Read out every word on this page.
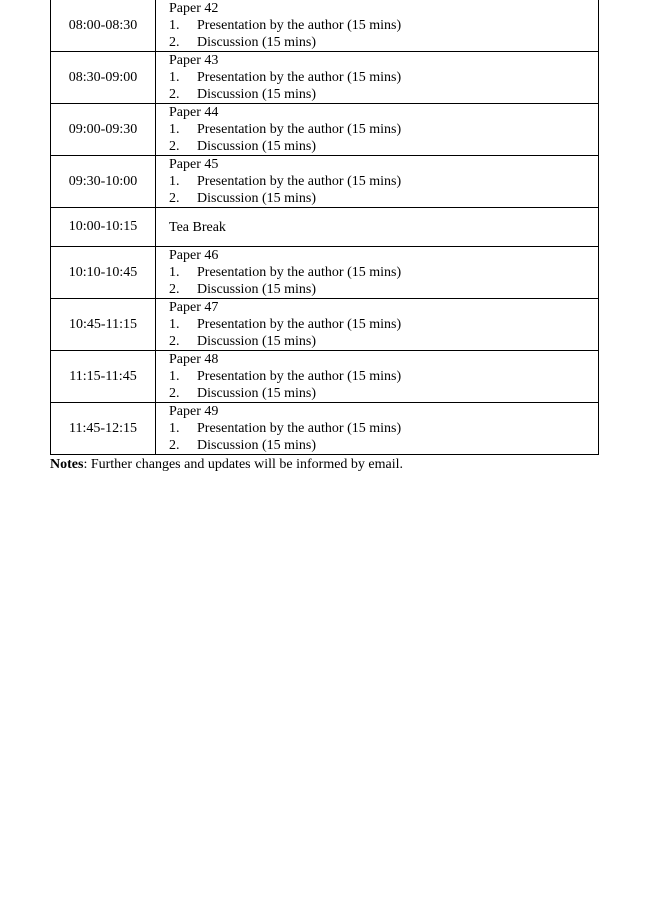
08:00-08:30	Paper 42
1. Presentation by the author (15 mins)
2. Discussion (15 mins)

08:30-09:00	Paper 43
1. Presentation by the author (15 mins)
2. Discussion (15 mins)

09:00-09:30	Paper 44
1. Presentation by the author (15 mins)
2. Discussion (15 mins)

09:30-10:00	Paper 45
1. Presentation by the author (15 mins)
2. Discussion (15 mins)

10:00-10:15	Tea Break

10:10-10:45	Paper 46
1. Presentation by the author (15 mins)
2. Discussion (15 mins)

10:45-11:15	Paper 47
1. Presentation by the author (15 mins)
2. Discussion (15 mins)

11:15-11:45	Paper 48
1. Presentation by the author (15 mins)
2. Discussion (15 mins)

11:45-12:15	Paper 49
1. Presentation by the author (15 mins)
2. Discussion (15 mins)
Notes: Further changes and updates will be informed by email.
